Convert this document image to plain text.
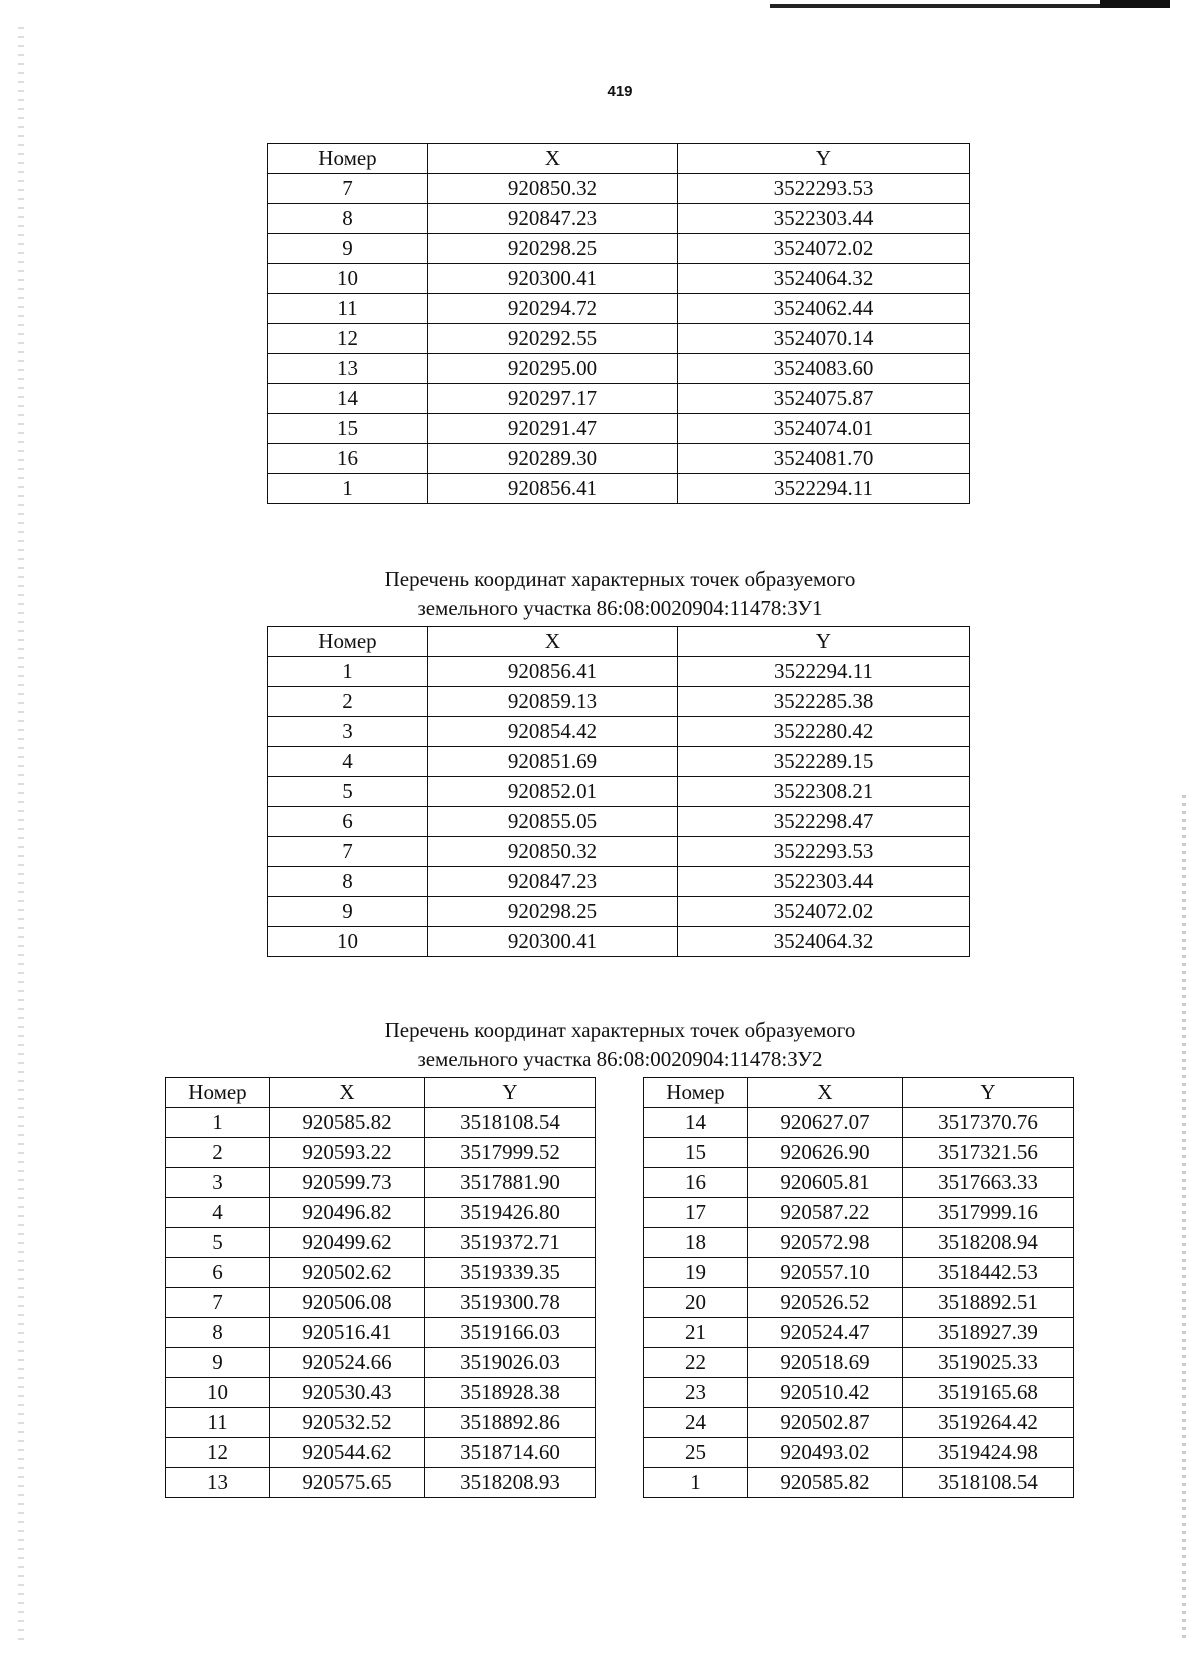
419
Номер	X	Y
7	920850.32	3522293.53
8	920847.23	3522303.44
9	920298.25	3524072.02
10	920300.41	3524064.32
11	920294.72	3524062.44
12	920292.55	3524070.14
13	920295.00	3524083.60
14	920297.17	3524075.87
15	920291.47	3524074.01
16	920289.30	3524081.70
1	920856.41	3522294.11
Перечень координат характерных точек образуемого
земельного участка 86:08:0020904:11478:ЗУ1
Номер	X	Y
1	920856.41	3522294.11
2	920859.13	3522285.38
3	920854.42	3522280.42
4	920851.69	3522289.15
5	920852.01	3522308.21
6	920855.05	3522298.47
7	920850.32	3522293.53
8	920847.23	3522303.44
9	920298.25	3524072.02
10	920300.41	3524064.32
Перечень координат характерных точек образуемого
земельного участка 86:08:0020904:11478:ЗУ2
Номер	X	Y
1	920585.82	3518108.54
2	920593.22	3517999.52
3	920599.73	3517881.90
4	920496.82	3519426.80
5	920499.62	3519372.71
6	920502.62	3519339.35
7	920506.08	3519300.78
8	920516.41	3519166.03
9	920524.66	3519026.03
10	920530.43	3518928.38
11	920532.52	3518892.86
12	920544.62	3518714.60
13	920575.65	3518208.93
Номер	X	Y
14	920627.07	3517370.76
15	920626.90	3517321.56
16	920605.81	3517663.33
17	920587.22	3517999.16
18	920572.98	3518208.94
19	920557.10	3518442.53
20	920526.52	3518892.51
21	920524.47	3518927.39
22	920518.69	3519025.33
23	920510.42	3519165.68
24	920502.87	3519264.42
25	920493.02	3519424.98
1	920585.82	3518108.54
